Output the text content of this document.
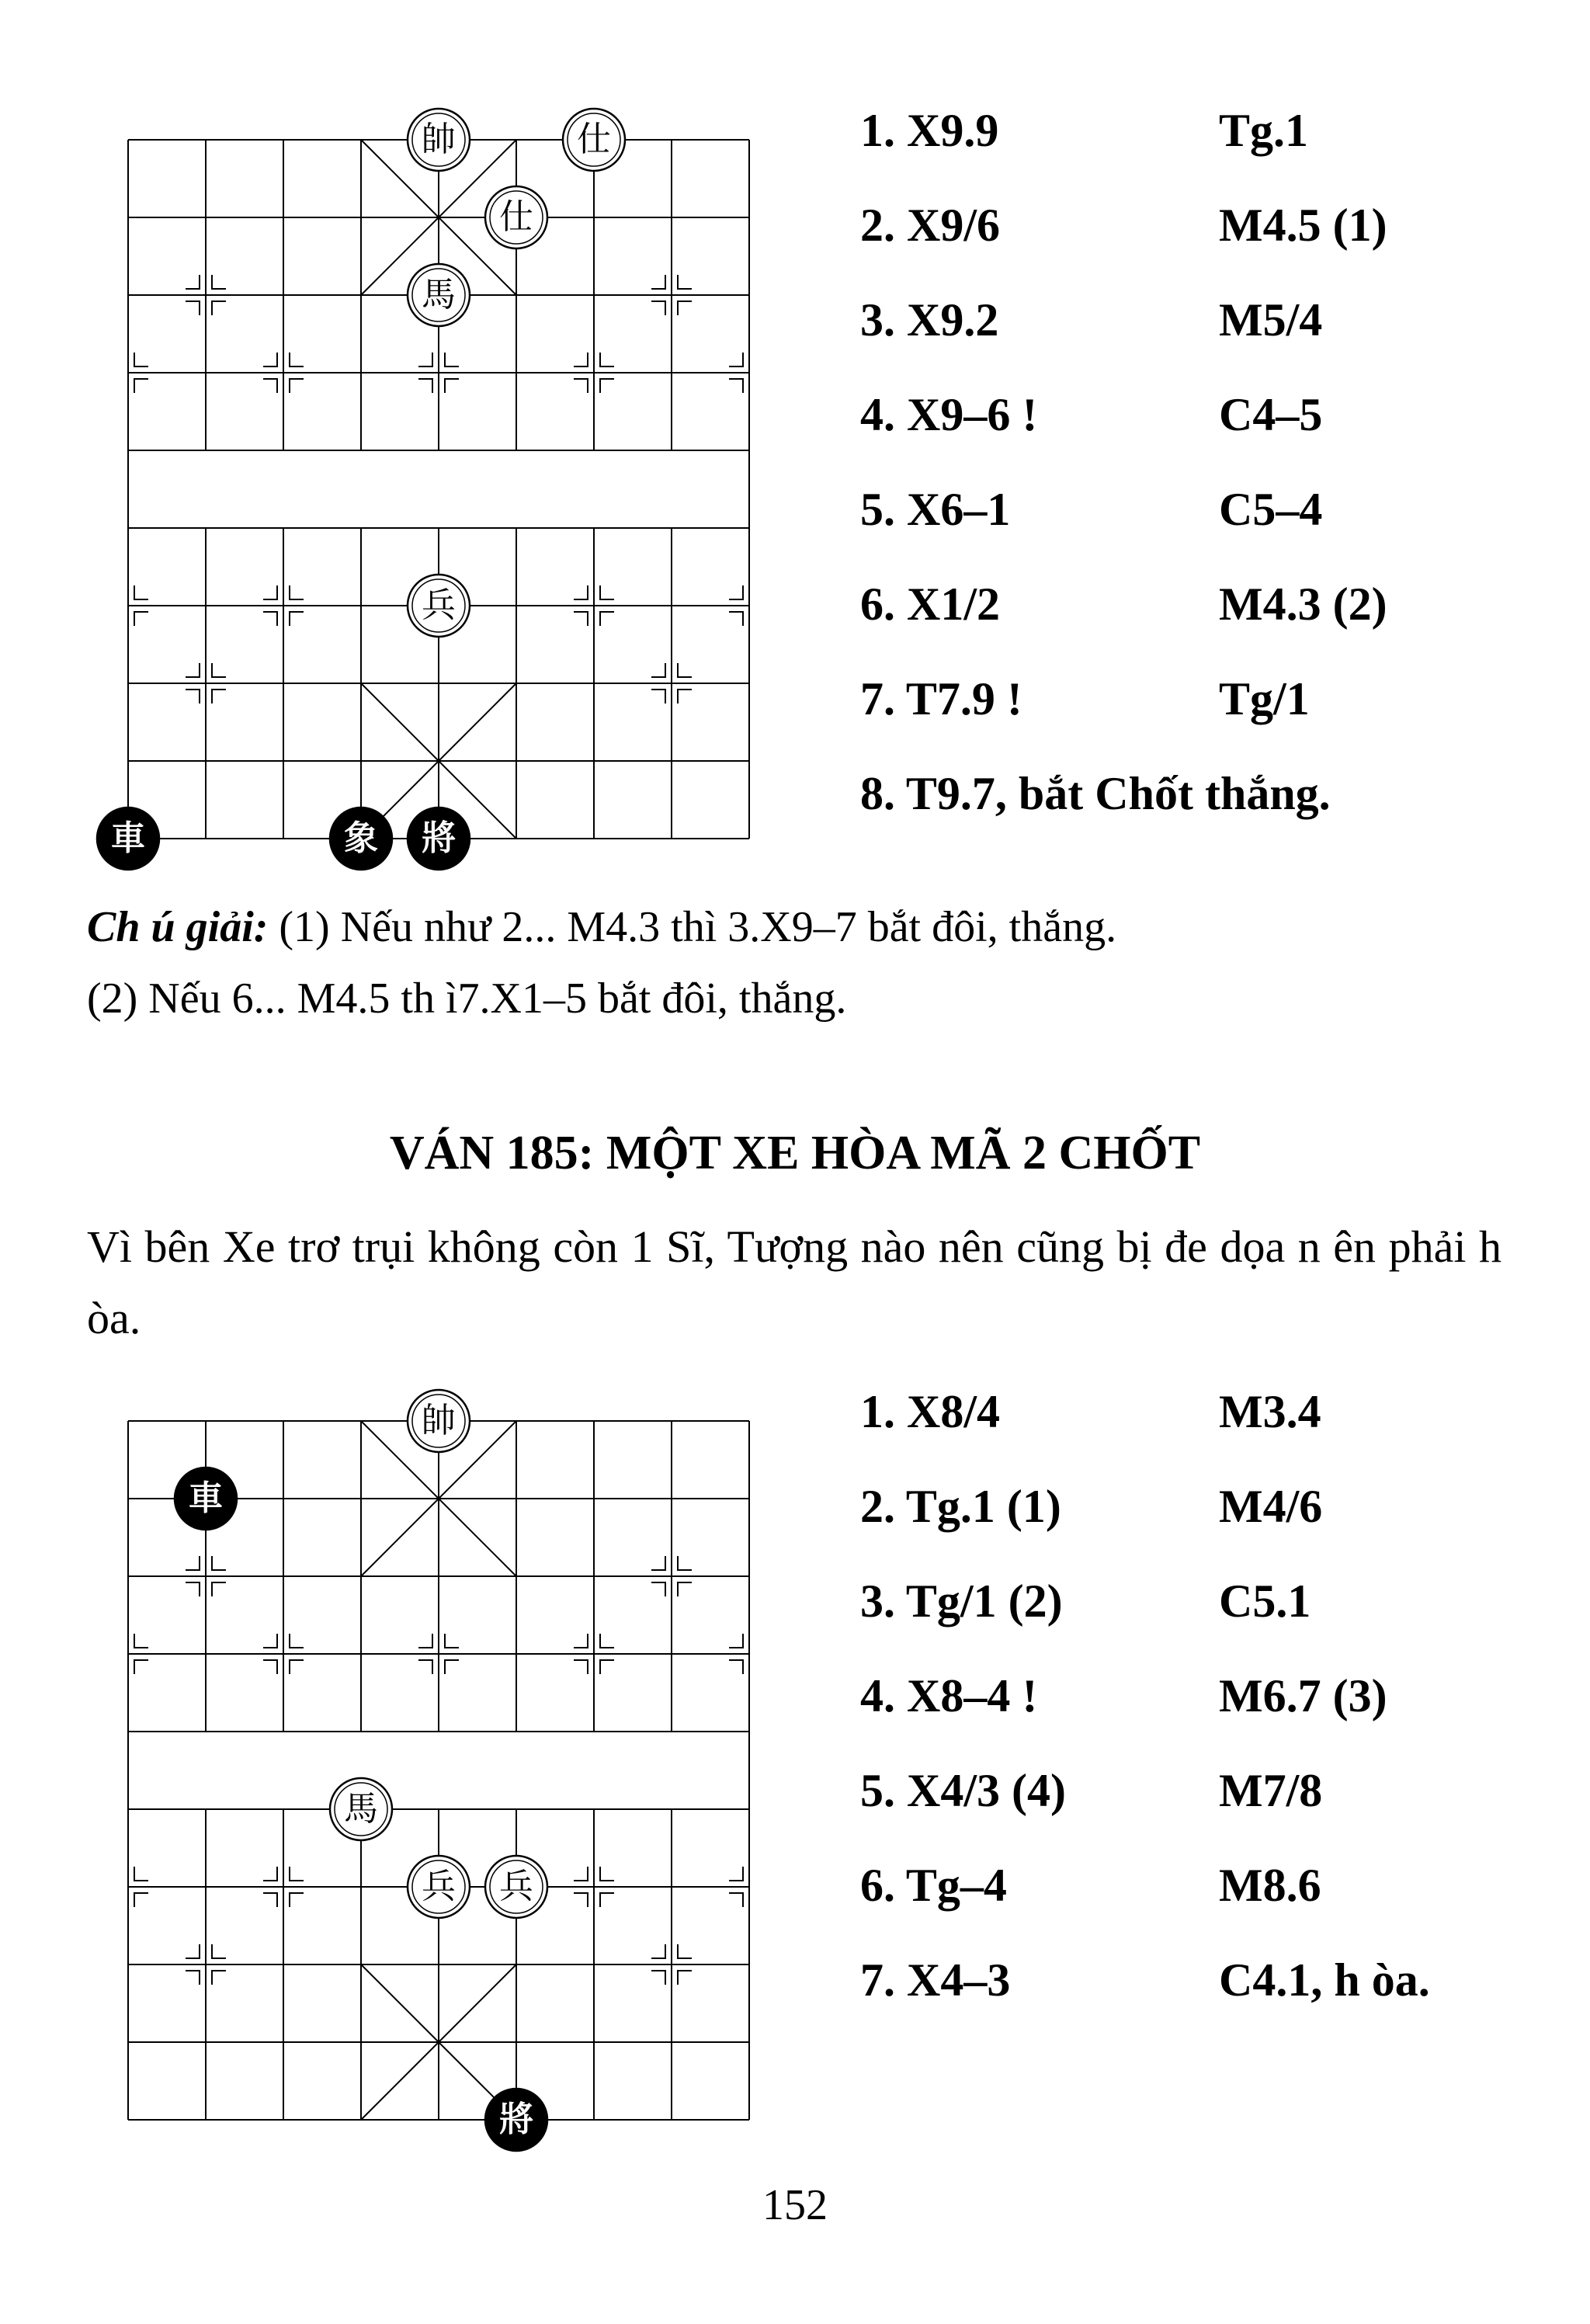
帥	仕
仕
馬
兵
車	象 將
1. X9.9	Tg.1
2. X9/6	M4.5 (1)
3. X9.2	M5/4
4. X9–6 !	C4–5
5. X6–1	C5–4
6. X1/2	M4.3 (2)
7. T7.9 !	Tg/1
8. T9.7, bắt Chốt thắng.

Ch ú giải: (1) Nếu như 2... M4.3 thì 3.X9–7 bắt đôi, thắng.

(2) Nếu 6... M4.5 th ì7.X1–5 bắt đôi, thắng.

VÁN 185: MỘT XE HÒA MÃ 2 CHỐT
Vì bên Xe trơ trụi không còn 1 Sĩ, Tượng nào nên cũng bị đe dọa n ên phải h òa.
帥
車
馬
兵 兵
將
1. X8/4	M3.4
2. Tg.1 (1)	M4/6
3. Tg/1 (2)	C5.1
4. X8–4 !	M6.7 (3)
5. X4/3 (4)	M7/8
6. Tg–4	M8.6
7. X4–3	C4.1, h òa.
152
